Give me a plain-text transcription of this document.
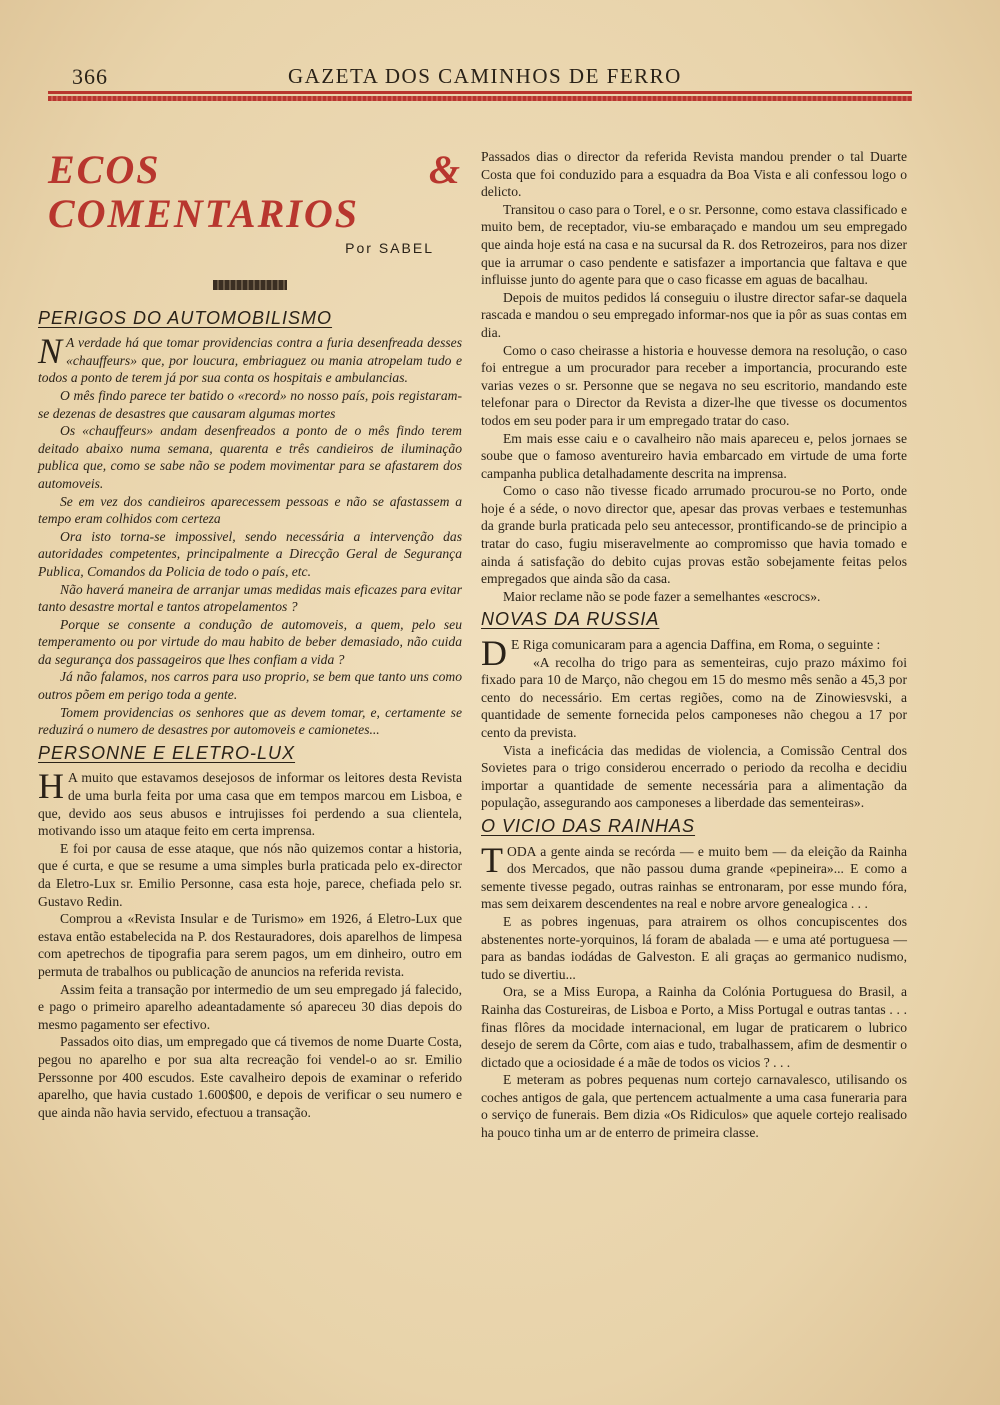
366	GAZETA DOS CAMINHOS DE FERRO
ECOS & COMENTARIOS
Por SABEL
PERIGOS DO AUTOMOBILISMO

N A verdade há que tomar providencias contra a furia desenfreada desses «chauffeurs» que, por loucura, embriaguez ou mania atropelam tudo e todos a ponto de terem já por sua conta os hospitais e ambulancias.

O mês findo parece ter batido o «record» no nosso país, pois registaram-se dezenas de desastres que causaram algumas mortes

Os «chauffeurs» andam desenfreados a ponto de o mês findo terem deitado abaixo numa semana, quarenta e três candieiros de iluminação publica que, como se sabe não se podem movimentar para se afastarem dos automoveis.

Se em vez dos candieiros aparecessem pessoas e não se afastassem a tempo eram colhidos com certeza

Ora isto torna-se impossivel, sendo necessária a intervenção das autoridades competentes, principalmente a Direcção Geral de Segurança Publica, Comandos da Policia de todo o país, etc.

Não haverá maneira de arranjar umas medidas mais eficazes para evitar tanto desastre mortal e tantos atropelamentos ?

Porque se consente a condução de automoveis, a quem, pelo seu temperamento ou por virtude do mau habito de beber demasiado, não cuida da segurança dos passageiros que lhes confiam a vida ?

Já não falamos, nos carros para uso proprio, se bem que tanto uns como outros põem em perigo toda a gente.

Tomem providencias os senhores que as devem tomar, e, certamente se reduzirá o numero de desastres por automoveis e camionetes...

PERSONNE E ELETRO-LUX

H A muito que estavamos desejosos de informar os leitores desta Revista de uma burla feita por uma casa que em tempos marcou em Lisboa, e que, devido aos seus abusos e intrujisses foi perdendo a sua clientela, motivando isso um ataque feito em certa imprensa.

E foi por causa de esse ataque, que nós não quizemos contar a historia, que é curta, e que se resume a uma simples burla praticada pelo ex-director da Eletro-Lux sr. Emilio Personne, casa esta hoje, parece, chefiada pelo sr. Gustavo Redin.

Comprou a «Revista Insular e de Turismo» em 1926, á Eletro-Lux que estava então estabelecida na P. dos Restauradores, dois aparelhos de limpesa com apetrechos de tipografia para serem pagos, um em dinheiro, outro em permuta de trabalhos ou publicação de anuncios na referida revista.

Assim feita a transação por intermedio de um seu empregado já falecido, e pago o primeiro aparelho adeantadamente só apareceu 30 dias depois do mesmo pagamento ser efectivo.

Passados oito dias, um empregado que cá tivemos de nome Duarte Costa, pegou no aparelho e por sua alta recreação foi vendel-o ao sr. Emilio Perssonne por 400 escudos. Este cavalheiro depois de examinar o referido aparelho, que havia custado 1.600$00, e depois de verificar o seu numero e que ainda não havia servido, efectuou a transação.

Passados dias o director da referida Revista mandou prender o tal Duarte Costa que foi conduzido para a esquadra da Boa Vista e ali confessou logo o delicto.

Transitou o caso para o Torel, e o sr. Personne, como estava classificado e muito bem, de receptador, viu-se embaraçado e mandou um seu empregado que ainda hoje está na casa e na sucursal da R. dos Retrozeiros, para nos dizer que ia arrumar o caso pendente e satisfazer a importancia que faltava e que influisse junto do agente para que o caso ficasse em aguas de bacalhau.

Depois de muitos pedidos lá conseguiu o ilustre director safar-se daquela rascada e mandou o seu empregado informar-nos que ia pôr as suas contas em dia.

Como o caso cheirasse a historia e houvesse demora na resolução, o caso foi entregue a um procurador para receber a importancia, procurando este varias vezes o sr. Personne que se negava no seu escritorio, mandando este telefonar para o Director da Revista a dizer-lhe que tivesse os documentos todos em seu poder para ir um empregado tratar do caso.

Em mais esse caiu e o cavalheiro não mais apareceu e, pelos jornaes se soube que o famoso aventureiro havia embarcado em virtude de uma forte campanha publica detalhadamente descrita na imprensa.

Como o caso não tivesse ficado arrumado procurou-se no Porto, onde hoje é a séde, o novo director que, apesar das provas verbaes e testemunhas da grande burla praticada pelo seu antecessor, prontificando-se de principio a tratar do caso, fugiu miseravelmente ao compromisso que havia tomado e ainda á satisfação do debito cujas provas estão sobejamente feitas pelos empregados que ainda são da casa.

Maior reclame não se pode fazer a semelhantes «escrocs».

NOVAS DA RUSSIA

D E Riga comunicaram para a agencia Daffina, em Roma, o seguinte :

«A recolha do trigo para as sementeiras, cujo prazo máximo foi fixado para 10 de Março, não chegou em 15 do mesmo mês senão a 45,3 por cento do necessário. Em certas regiões, como na de Zinowiesvski, a quantidade de semente fornecida pelos camponeses não chegou a 17 por cento da prevista.

Vista a ineficácia das medidas de violencia, a Comissão Central dos Sovietes para o trigo considerou encerrado o periodo da recolha e decidiu importar a quantidade de semente necessária para a alimentação da população, assegurando aos camponeses a liberdade das sementeiras».

O VICIO DAS RAINHAS

TODA a gente ainda se recórda — e muito bem — da eleição da Rainha dos Mercados, que não passou duma grande «pepineira»... E como a semente tivesse pegado, outras rainhas se entronaram, por esse mundo fóra, mas sem deixarem descendentes na real e nobre arvore genealogica . . .

E as pobres ingenuas, para atrairem os olhos concupiscentes dos abstenentes norte-yorquinos, lá foram de abalada — e uma até portuguesa — para as bandas iodádas de Galveston. E ali graças ao germanico nudismo, tudo se divertiu...

Ora, se a Miss Europa, a Rainha da Colónia Portuguesa do Brasil, a Rainha das Costureiras, de Lisboa e Porto, a Miss Portugal e outras tantas . . . finas flôres da mocidade internacional, em lugar de praticarem o lubrico desejo de serem da Côrte, com aias e tudo, trabalhassem, afim de desmentir o dictado que a ociosidade é a mãe de todos os vicios ? . . .

E meteram as pobres pequenas num cortejo carnavalesco, utilisando os coches antigos de gala, que pertencem actualmente a uma casa funeraria para o serviço de funerais. Bem dizia «Os Ridiculos» que aquele cortejo realisado ha pouco tinha um ar de enterro de primeira classe.
